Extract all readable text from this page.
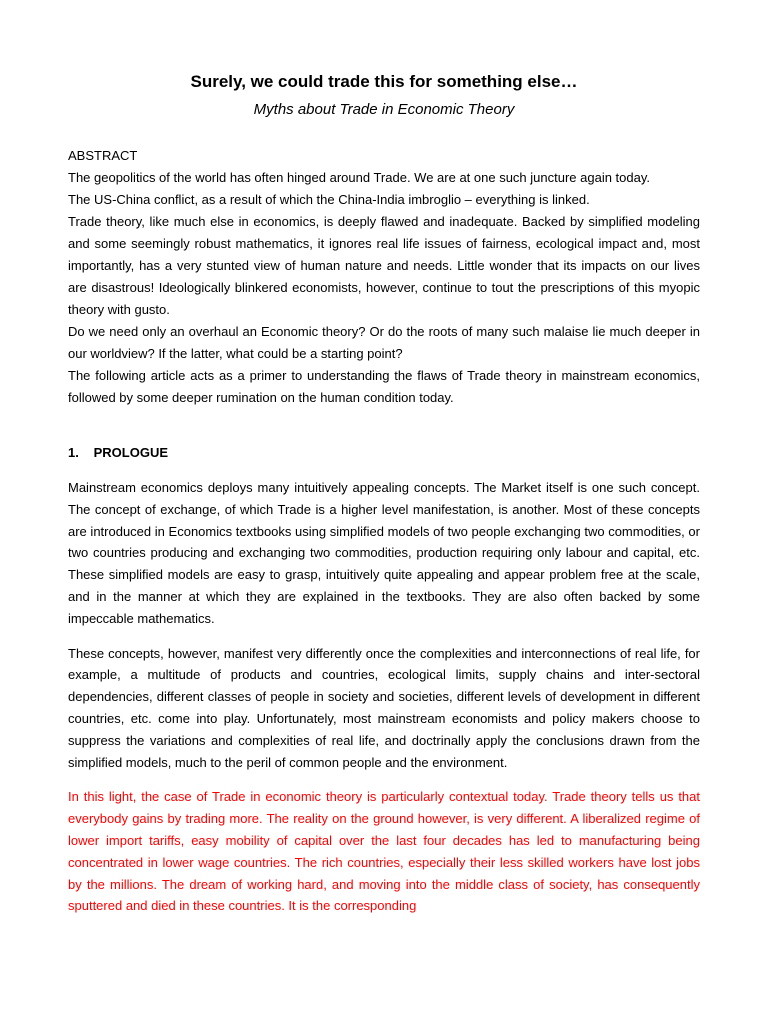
Surely, we could trade this for something else…
Myths about Trade in Economic Theory

ABSTRACT

The geopolitics of the world has often hinged around Trade. We are at one such juncture again today.

The US-China conflict, as a result of which the China-India imbroglio – everything is linked.

Trade theory, like much else in economics, is deeply flawed and inadequate. Backed by simplified modeling and some seemingly robust mathematics, it ignores real life issues of fairness, ecological impact and, most importantly, has a very stunted view of human nature and needs. Little wonder that its impacts on our lives are disastrous! Ideologically blinkered economists, however, continue to tout the prescriptions of this myopic theory with gusto.

Do we need only an overhaul an Economic theory? Or do the roots of many such malaise lie much deeper in our worldview? If the latter, what could be a starting point?

The following article acts as a primer to understanding the flaws of Trade theory in mainstream economics, followed by some deeper rumination on the human condition today.

1. PROLOGUE

Mainstream economics deploys many intuitively appealing concepts. The Market itself is one such concept. The concept of exchange, of which Trade is a higher level manifestation, is another. Most of these concepts are introduced in Economics textbooks using simplified models of two people exchanging two commodities, or two countries producing and exchanging two commodities, production requiring only labour and capital, etc. These simplified models are easy to grasp, intuitively quite appealing and appear problem free at the scale, and in the manner at which they are explained in the textbooks. They are also often backed by some impeccable mathematics.

These concepts, however, manifest very differently once the complexities and interconnections of real life, for example, a multitude of products and countries, ecological limits, supply chains and inter-sectoral dependencies, different classes of people in society and societies, different levels of development in different countries, etc. come into play. Unfortunately, most mainstream economists and policy makers choose to suppress the variations and complexities of real life, and doctrinally apply the conclusions drawn from the simplified models, much to the peril of common people and the environment.

In this light, the case of Trade in economic theory is particularly contextual today. Trade theory tells us that everybody gains by trading more. The reality on the ground however, is very different. A liberalized regime of lower import tariffs, easy mobility of capital over the last four decades has led to manufacturing being concentrated in lower wage countries. The rich countries, especially their less skilled workers have lost jobs by the millions. The dream of working hard, and moving into the middle class of society, has consequently sputtered and died in these countries. It is the corresponding
